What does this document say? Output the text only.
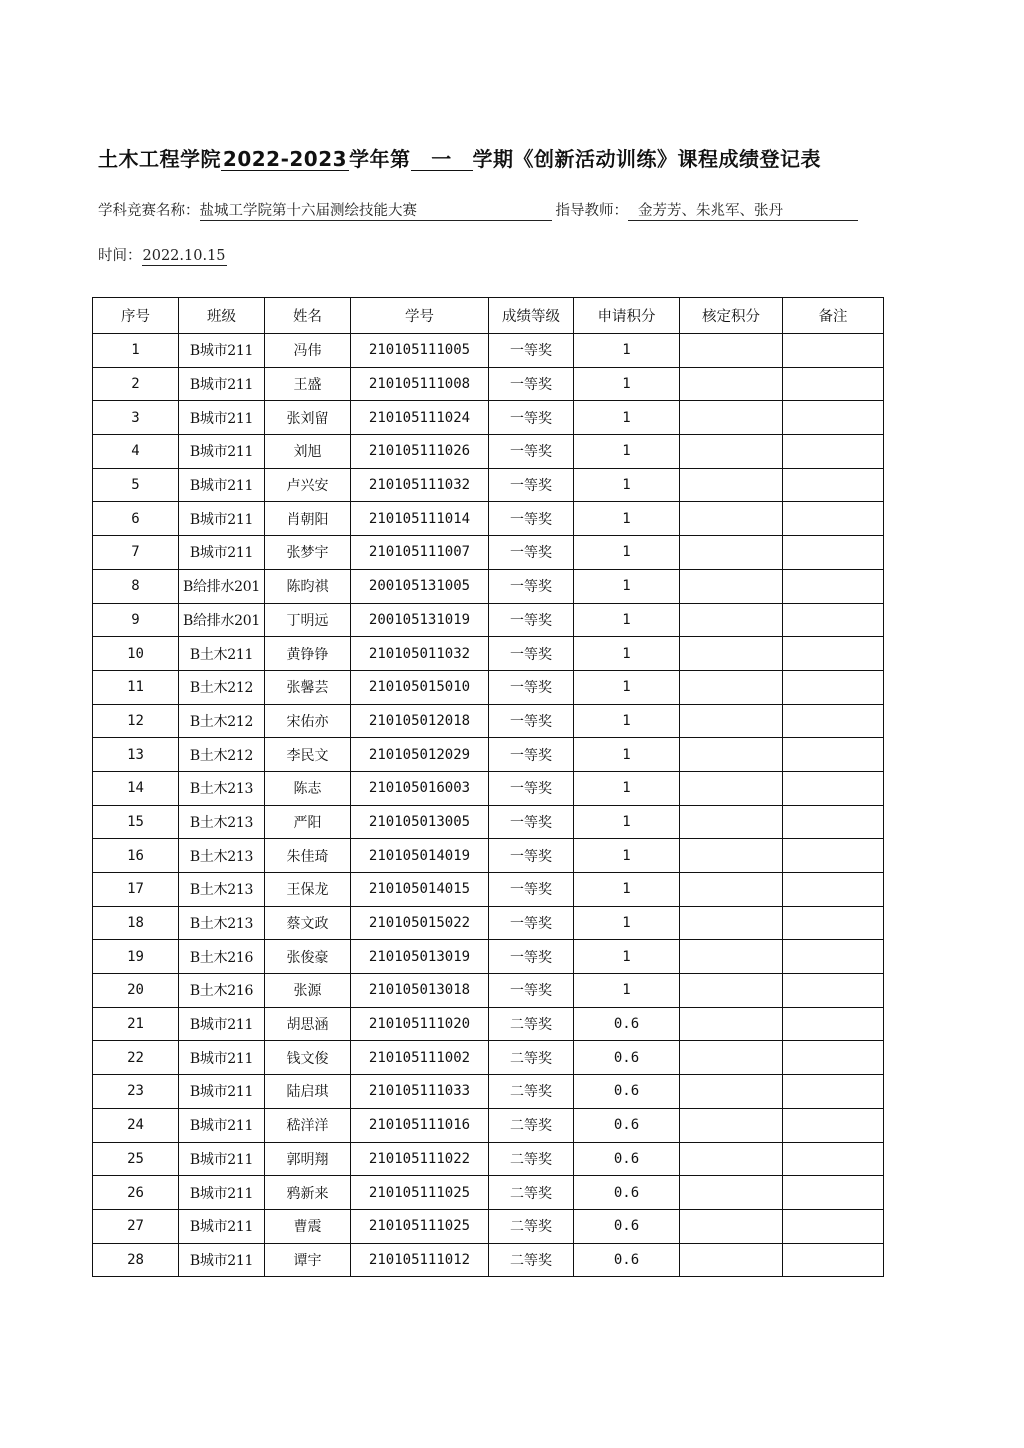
土木工程学院2022-2023学年第 一 学期《创新活动训练》课程成绩登记表
学科竞赛名称：盐城工学院第十六届测绘技能大赛	指导教师： 金芳芳、朱兆军、张丹
时间：2022.10.15
序号	班级	姓名	学号	成绩等级	申请积分	核定积分	备注
1	B城市211	冯伟	210105111005	一等奖	1		
2	B城市211	王盛	210105111008	一等奖	1		
3	B城市211	张刘留	210105111024	一等奖	1		
4	B城市211	刘旭	210105111026	一等奖	1		
5	B城市211	卢兴安	210105111032	一等奖	1		
6	B城市211	肖朝阳	210105111014	一等奖	1		
7	B城市211	张梦宇	210105111007	一等奖	1		
8	B给排水201	陈昀祺	200105131005	一等奖	1		
9	B给排水201	丁明远	200105131019	一等奖	1		
10	B土木211	黄铮铮	210105011032	一等奖	1		
11	B土木212	张馨芸	210105015010	一等奖	1		
12	B土木212	宋佑亦	210105012018	一等奖	1		
13	B土木212	李民文	210105012029	一等奖	1		
14	B土木213	陈志	210105016003	一等奖	1		
15	B土木213	严阳	210105013005	一等奖	1		
16	B土木213	朱佳琦	210105014019	一等奖	1		
17	B土木213	王保龙	210105014015	一等奖	1		
18	B土木213	蔡文政	210105015022	一等奖	1		
19	B土木216	张俊豪	210105013019	一等奖	1		
20	B土木216	张源	210105013018	一等奖	1		
21	B城市211	胡思涵	210105111020	二等奖	0.6		
22	B城市211	钱文俊	210105111002	二等奖	0.6		
23	B城市211	陆启琪	210105111033	二等奖	0.6		
24	B城市211	嵇洋洋	210105111016	二等奖	0.6		
25	B城市211	郭明翔	210105111022	二等奖	0.6		
26	B城市211	鸦新来	210105111025	二等奖	0.6		
27	B城市211	曹震	210105111025	二等奖	0.6		
28	B城市211	谭宇	210105111012	二等奖	0.6		
